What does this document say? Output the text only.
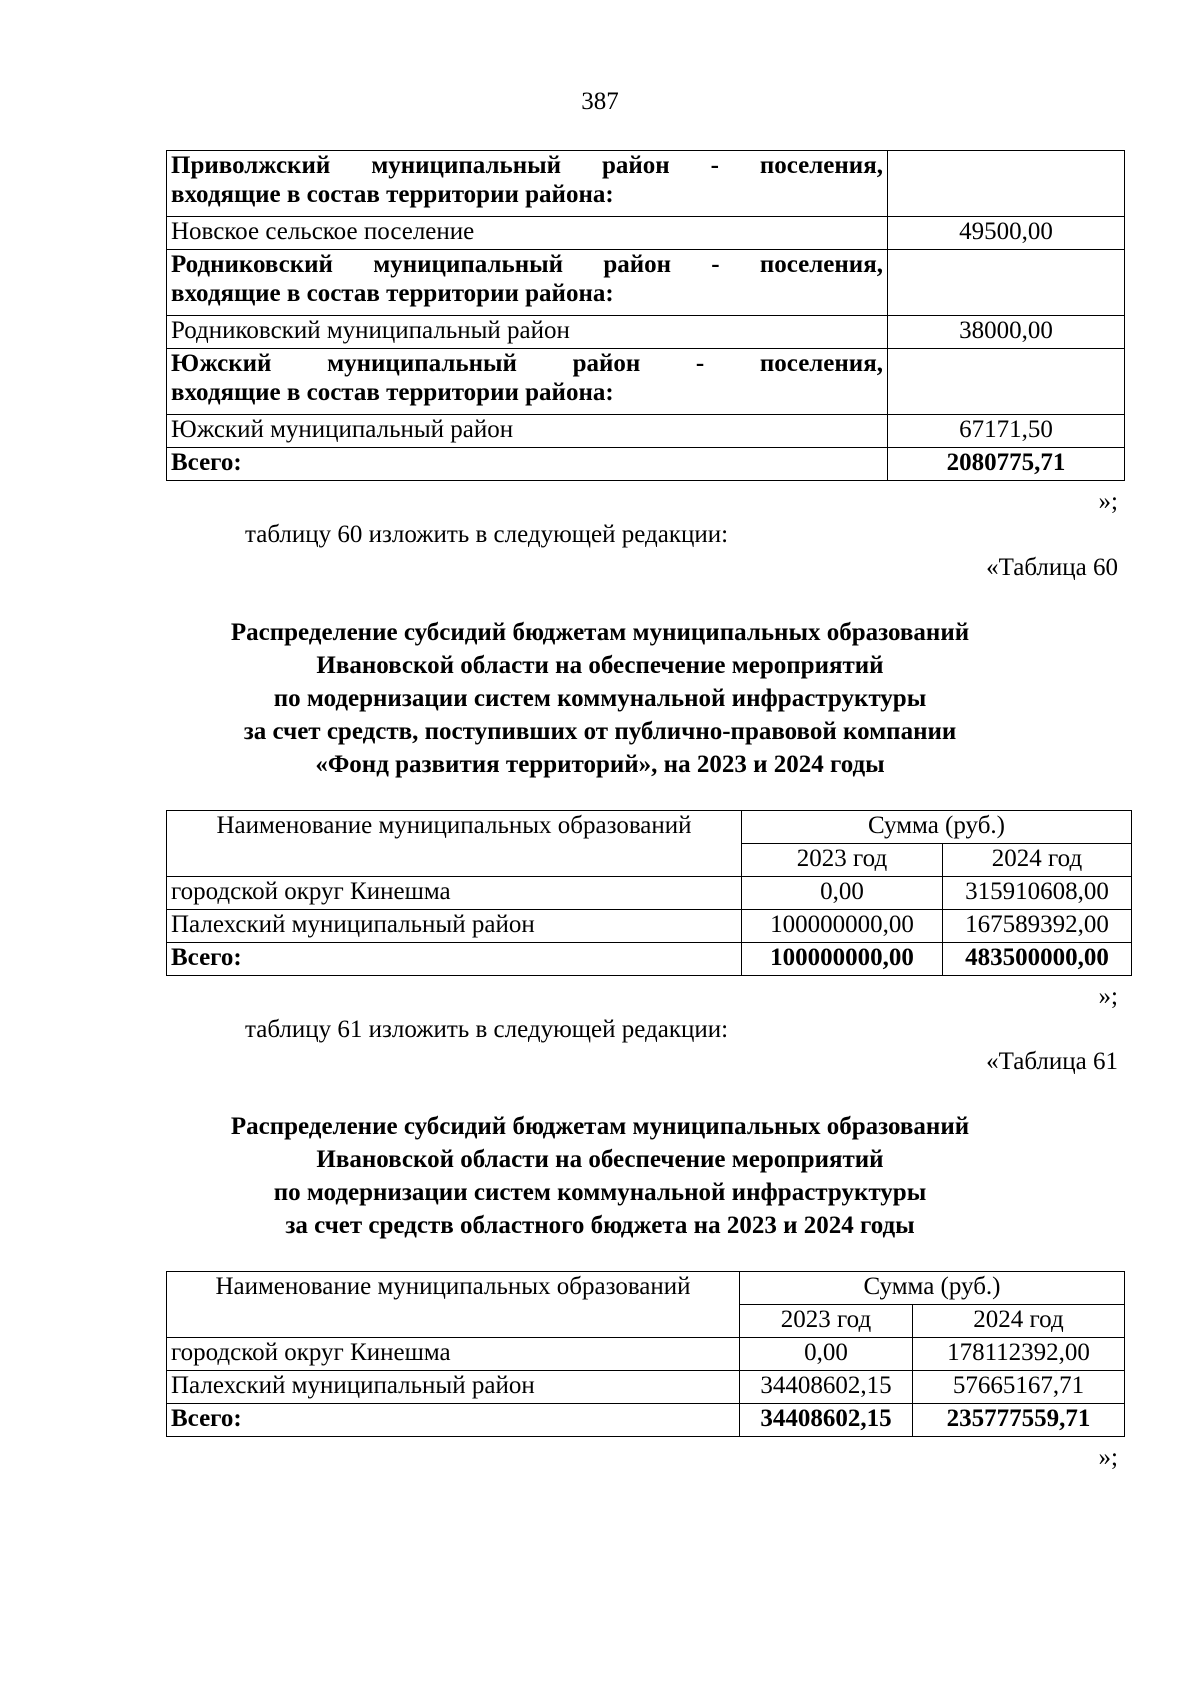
387
Приволжский муниципальный район - поселения,
входящие в состав территории района:	

Новское сельское поселение	49500,00

Родниковский муниципальный район - поселения,
входящие в состав территории района:	

Родниковский муниципальный район	38000,00

Южский муниципальный район - поселения,
входящие в состав территории района:	

Южский муниципальный район	67171,50
Всего:	2080775,71
»;
таблицу 60 изложить в следующей редакции:
«Таблица 60
Распределение субсидий бюджетам муниципальных образований
Ивановской области на обеспечение мероприятий
по модернизации систем коммунальной инфраструктуры
за счет средств, поступивших от публично-правовой компании
«Фонд развития территорий», на 2023 и 2024 годы
Наименование муниципальных образований	Сумма (руб.)	
	2023 год	2024 год
городской округ Кинешма	0,00	315910608,00
Палехский муниципальный район	100000000,00	167589392,00
Всего:	100000000,00	483500000,00
»;
таблицу 61 изложить в следующей редакции:
«Таблица 61
Распределение субсидий бюджетам муниципальных образований
Ивановской области на обеспечение мероприятий
по модернизации систем коммунальной инфраструктуры
за счет средств областного бюджета на 2023 и 2024 годы
Наименование муниципальных образований	Сумма (руб.)	
	2023 год	2024 год
городской округ Кинешма	0,00	178112392,00
Палехский муниципальный район	34408602,15	57665167,71
Всего:	34408602,15	235777559,71
»;
